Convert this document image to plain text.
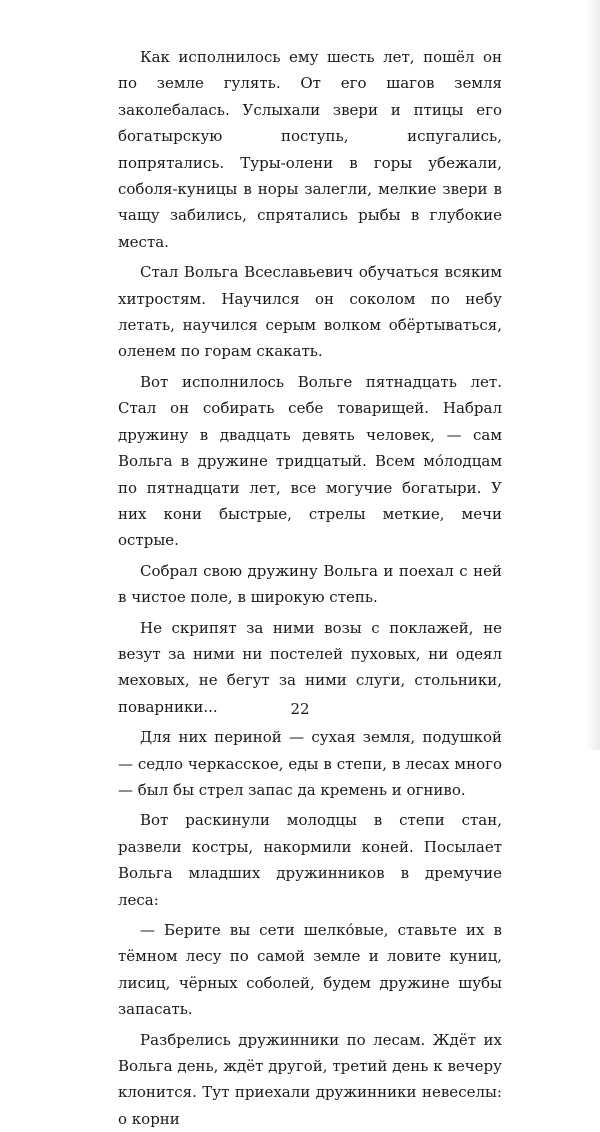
Как исполнилось ему шесть лет, пошёл он по земле гулять. От его шагов земля заколебалась. Услыхали звери и птицы его богатырскую поступь, испугались, попрятались. Туры-олени в горы убежали, соболя-куницы в норы залегли, мелкие звери в чащу забились, спрятались рыбы в глубокие места.

Стал Вольга Всеславьевич обучаться всяким хитростям. Научился он соколом по небу летать, научился серым волком обёртываться, оленем по горам скакать.

Вот исполнилось Вольге пятнадцать лет. Стал он собирать себе товарищей. Набрал дружину в двадцать девять человек, — сам Вольга в дружине тридцатый. Всем мо́лодцам по пятнадцати лет, все могучие богатыри. У них кони быстрые, стрелы меткие, мечи острые.

Собрал свою дружину Вольга и поехал с ней в чистое поле, в широкую степь.

Не скрипят за ними возы с поклажей, не везут за ними ни постелей пуховых, ни одеял меховых, не бегут за ними слуги, стольники, поварники...

Для них периной — сухая земля, подушкой — седло черкасское, еды в степи, в лесах много — был бы стрел запас да кремень и огниво.

Вот раскинули молодцы в степи стан, развели костры, накормили коней. Посылает Вольга младших дружинников в дремучие леса:

— Берите вы сети шелко́вые, ставьте их в тёмном лесу по самой земле и ловите куниц, лисиц, чёрных соболей, будем дружине шубы запасать.

Разбрелись дружинники по лесам. Ждёт их Вольга день, ждёт другой, третий день к вечеру клонится. Тут приехали дружинники невеселы: о корни

22
